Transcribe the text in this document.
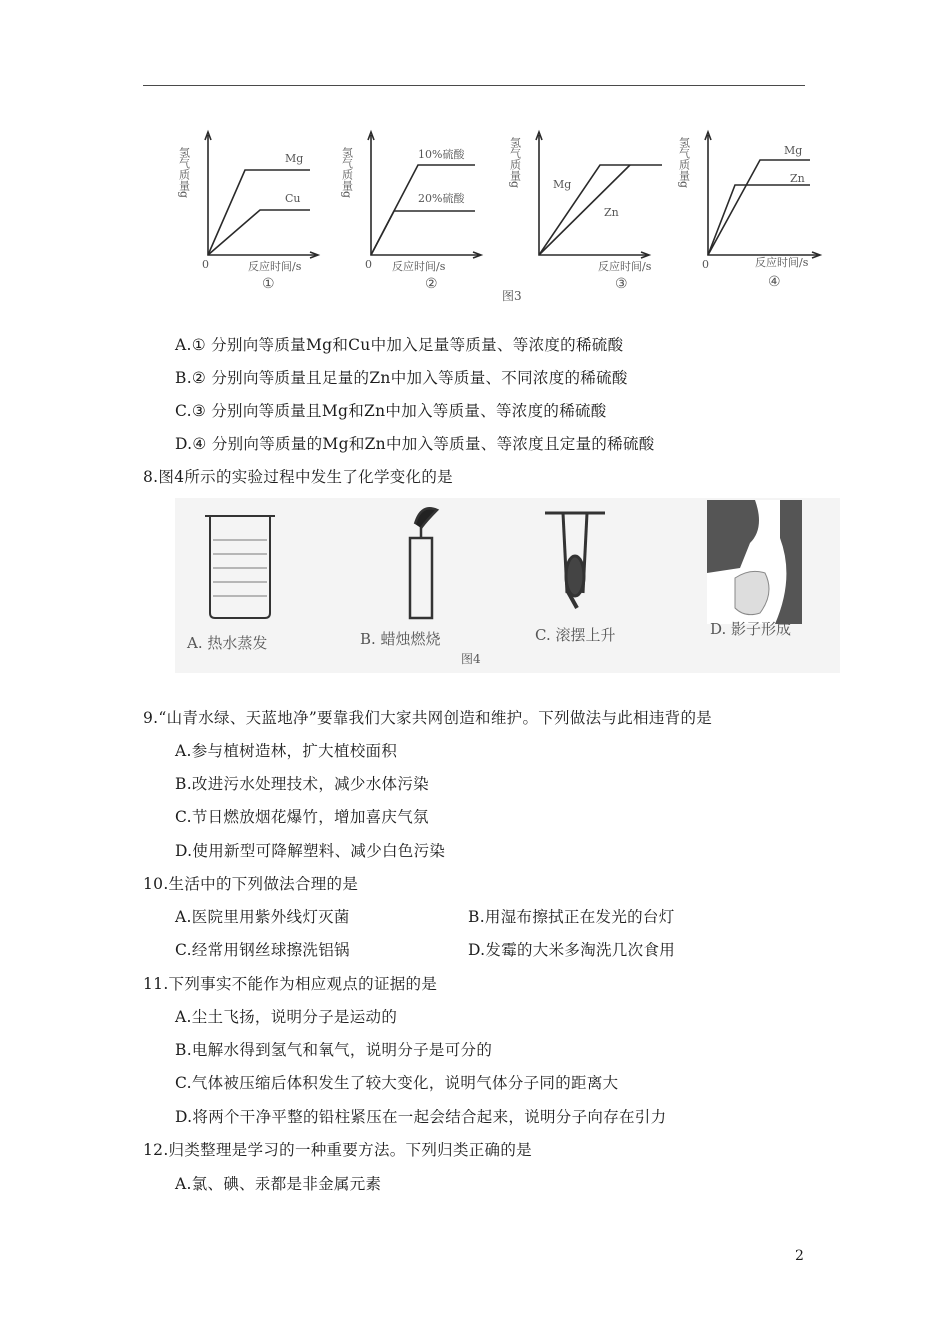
氢气质量g	Mg
Cu
0	反应时间/s
①
氢气质量g	10%硫酸
20%硫酸
0 反应时间/s
②
氢气质量g	Mg
Zn
反应时间/s
③
图3
氢气质量g	Mg
Zn
0	反应时间/s
④
A.① 分别向等质量Mg和Cu中加入足量等质量、等浓度的稀硫酸
B.② 分别向等质量且足量的Zn中加入等质量、不同浓度的稀硫酸
C.③ 分别向等质量且Mg和Zn中加入等质量、等浓度的稀硫酸
D.④ 分别向等质量的Mg和Zn中加入等质量、等浓度且定量的稀硫酸
8.图4所示的实验过程中发生了化学变化的是
A. 热水蒸发	B. 蜡烛燃烧	C. 滚摆上升	D. 影子形成
图4
9.“山青水绿、天蓝地净”要靠我们大家共网创造和维护。下列做法与此相违背的是
A.参与植树造林，扩大植校面积
B.改进污水处理技术，减少水体污染
C.节日燃放烟花爆竹，增加喜庆气氛
D.使用新型可降解塑料、减少白色污染
10.生活中的下列做法合理的是
A.医院里用紫外线灯灭菌	B.用湿布擦拭正在发光的台灯
C.经常用钢丝球擦洗铝锅	D.发霉的大米多淘洗几次食用
11.下列事实不能作为相应观点的证据的是
A.尘土飞扬，说明分子是运动的
B.电解水得到氢气和氧气，说明分子是可分的
C.气体被压缩后体积发生了较大变化，说明气体分子同的距离大
D.将两个干净平整的铅柱紧压在一起会结合起来，说明分子向存在引力
12.归类整理是学习的一种重要方法。下列归类正确的是
A.氯、碘、汞都是非金属元素
2
